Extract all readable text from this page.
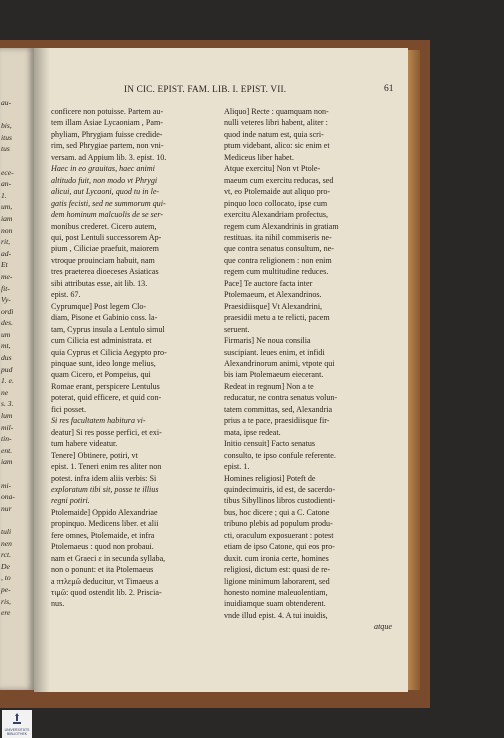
au-
bis,
itus
tus
ece-
an-
1.
um,
iam
non
rit,
ad-
Et
me-
fit-
Vy-
ordi
des.
um
mt,
dus
pud
1. e.
ne
s. 3.
lum
mil-
tin-
ent.
iam
mi-
ona-
nur
tuli
nen
rct.
De
, to
pe-
ris,
ere
IN CIC. EPIST. FAM. LIB. I. EPIST. VII.	61
conficere non potuisse. Partem au-
tem illam Asiae Lycaoniam , Pam-
phyliam, Phrygiam fuisse credide-
rim, sed Phrygiae partem, non vni-
versam. ad Appium lib. 3. epist. 10.
Haec in eo grauitas, haec animi
altitudo fuit, non modo vt Phrygi
alicui, aut Lycaoni, quod tu in le-
gatis fecisti, sed ne summorum qui-
dem hominum malcuolis de se ser-
monibus crederet. Cicero autem,
qui, post Lentuli successorem Ap-
pium , Ciliciae praefuit, maiorem
vtroque prouinciam habuit, nam
tres praeterea dioeceses Asiaticas
sibi attributas esse, ait lib. 13.
epist. 67.
Cyprumque] Post legem Clo-
diam, Pisone et Gabinio coss. la-
tam, Cyprus insula a Lentulo simul
cum Cilicia est administrata. et
quia Cyprus et Cilicia Aegypto pro-
pinquae sunt, ideo longe melius,
quam Cicero, et Pompeius, qui
Romae erant, perspicere Lentulus
poterat, quid efficere, et quid con-
fici posset.
Si res facultatem habitura vi-
deatur] Si res posse perfici, et exi-
tum habere videatur.
Tenere] Obtinere, potiri, vt
epist. 1. Teneri enim res aliter non
potest. infra idem aliis verbis: Si
exploratum tibi sit, posse te illius
regni potiri.
Ptolemaide] Oppido Alexandriae
propinquo. Medicens liber. et alii
fere omnes, Ptolemaide, et infra
Ptolemaeus : quod non probaui.
nam et Graeci ε in secunda syllaba,
non ο ponunt: et ita Ptolemaeus
a πτλεμῶ deducitur, vt Timaeus a
τιμῶ: quod ostendit lib. 2. Priscia-
nus.
Aliquo] Recte : quamquam non-
nulli veteres libri habent, aliter :
quod inde natum est, quia scri-
ptum videbant, alico: sic enim et
Mediceus liber habet.
Atque exercitu] Non vt Ptole-
maeum cum exercitu reducas, sed
vt, eo Ptolemaide aut aliquo pro-
pinquo loco collocato, ipse cum
exercitu Alexandriam profectus,
regem cum Alexandrinis in gratiam
restituas. ita nihil commiseris ne-
que contra senatus consultum, ne-
que contra religionem : non enim
regem cum multitudine reduces.
Pace] Te auctore facta inter
Ptolemaeum, et Alexandrinos.
Praesidiisque] Vt Alexandrini,
praesidii metu a te relicti, pacem
seruent.
Firmaris] Ne noua consilia
suscipiant. leues enim, et infidi
Alexandrinorum animi, vtpote qui
bis iam Ptolemaeum eiecerant.
Redeat in regnum] Non a te
reducatur, ne contra senatus volun-
tatem committas, sed, Alexandria
prius a te pace, praesidiisque fir-
mata, ipse redeat.
Initio censuit] Facto senatus
consulto, te ipso confule referente.
epist. 1.
Homines religiosi] Poteft de
quindecimuiris, id est, de sacerdo-
tibus Sibyllinos libros custodienti-
bus, hoc dicere ; qui a C. Catone
tribuno plebis ad populum produ-
cti, oraculum exposuerant : potest
etiam de ipso Catone, qui eos pro-
duxit. cum ironia certe, homines
religiosi, dictum est: quasi de re-
ligione minimum laborarent, sed
honesto nomine maleuolentiam,
inuidiamque suam obtenderent.
vnde illud epist. 4. A tui inuidis,
atque
UNIVERSITÄTS
BIBLIOTHEK
